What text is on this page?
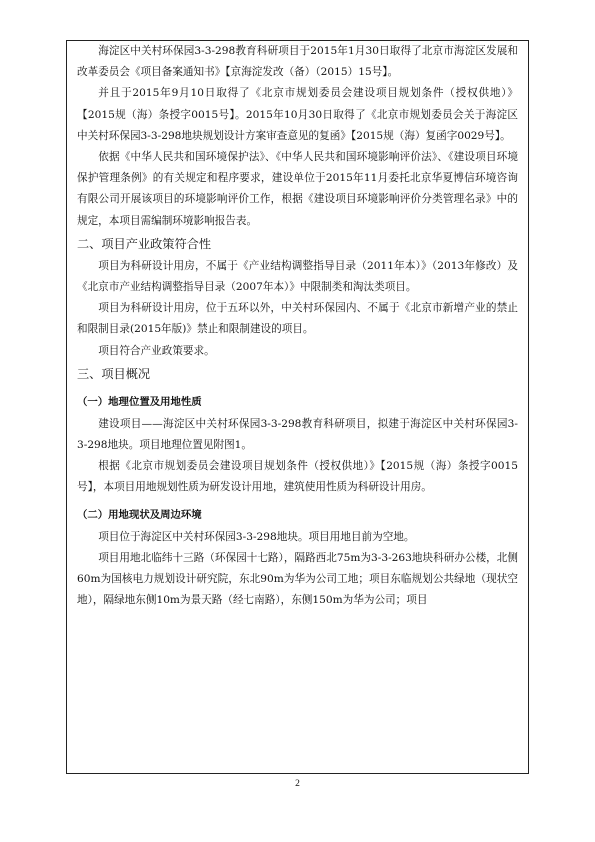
海淀区中关村环保园3-3-298教育科研项目于2015年1月30日取得了北京市海淀区发展和改革委员会《项目备案通知书》【京海淀发改（备）（2015）15号】。

并且于2015年9月10日取得了《北京市规划委员会建设项目规划条件（授权供地）》【2015规（海）条授字0015号】。2015年10月30日取得了《北京市规划委员会关于海淀区中关村环保园3-3-298地块规划设计方案审查意见的复函》【2015规（海）复函字0029号】。

依据《中华人民共和国环境保护法》、《中华人民共和国环境影响评价法》、《建设项目环境保护管理条例》的有关规定和程序要求，建设单位于2015年11月委托北京华夏博信环境咨询有限公司开展该项目的环境影响评价工作，根据《建设项目环境影响评价分类管理名录》中的规定，本项目需编制环境影响报告表。

二、项目产业政策符合性

项目为科研设计用房，不属于《产业结构调整指导目录（2011年本）》（2013年修改）及《北京市产业结构调整指导目录（2007年本）》中限制类和淘汰类项目。

项目为科研设计用房，位于五环以外，中关村环保园内、不属于《北京市新增产业的禁止和限制目录(2015年版)》禁止和限制建设的项目。

项目符合产业政策要求。

三、项目概况

（一）地理位置及用地性质

建设项目——海淀区中关村环保园3-3-298教育科研项目，拟建于海淀区中关村环保园3-3-298地块。项目地理位置见附图1。

根据《北京市规划委员会建设项目规划条件（授权供地）》【2015规（海）条授字0015号】，本项目用地规划性质为研发设计用地，建筑使用性质为科研设计用房。

（二）用地现状及周边环境

项目位于海淀区中关村环保园3-3-298地块。项目用地目前为空地。

项目用地北临纬十三路（环保园十七路），隔路西北75m为3-3-263地块科研办公楼，北侧60m为国核电力规划设计研究院，东北90m为华为公司工地；项目东临规划公共绿地（现状空地），隔绿地东侧10m为景天路（经七南路），东侧150m为华为公司；项目

2
